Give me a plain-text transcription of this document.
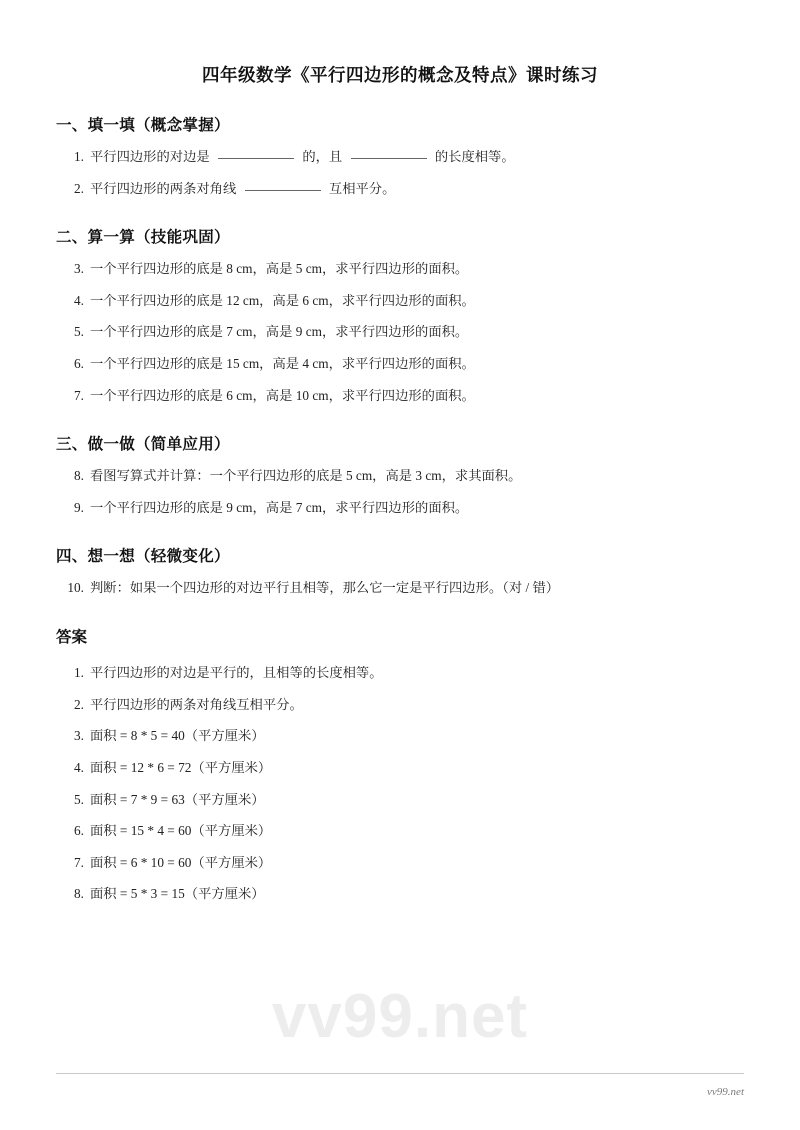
vv99.net
四年级数学《平行四边形的概念及特点》课时练习
一、填一填（概念掌握）
1. 平行四边形的对边是	的，且	的长度相等。
2. 平行四边形的两条对角线	互相平分。
二、算一算（技能巩固）
3. 一个平行四边形的底是 8 cm，高是 5 cm，求平行四边形的面积。
4. 一个平行四边形的底是 12 cm，高是 6 cm，求平行四边形的面积。
5. 一个平行四边形的底是 7 cm，高是 9 cm，求平行四边形的面积。
6. 一个平行四边形的底是 15 cm，高是 4 cm，求平行四边形的面积。
7. 一个平行四边形的底是 6 cm，高是 10 cm，求平行四边形的面积。
三、做一做（简单应用）
8. 看图写算式并计算：一个平行四边形的底是 5 cm，高是 3 cm，求其面积。
9. 一个平行四边形的底是 9 cm，高是 7 cm，求平行四边形的面积。
四、想一想（轻微变化）
10. 判断：如果一个四边形的对边平行且相等，那么它一定是平行四边形。（对 / 错）
答案
1. 平行四边形的对边是平行的，且相等的长度相等。
2. 平行四边形的两条对角线互相平分。
3. 面积 = 8 * 5 = 40（平方厘米）
4. 面积 = 12 * 6 = 72（平方厘米）
5. 面积 = 7 * 9 = 63（平方厘米）
6. 面积 = 15 * 4 = 60（平方厘米）
7. 面积 = 6 * 10 = 60（平方厘米）
8. 面积 = 5 * 3 = 15（平方厘米）
vv99.net
